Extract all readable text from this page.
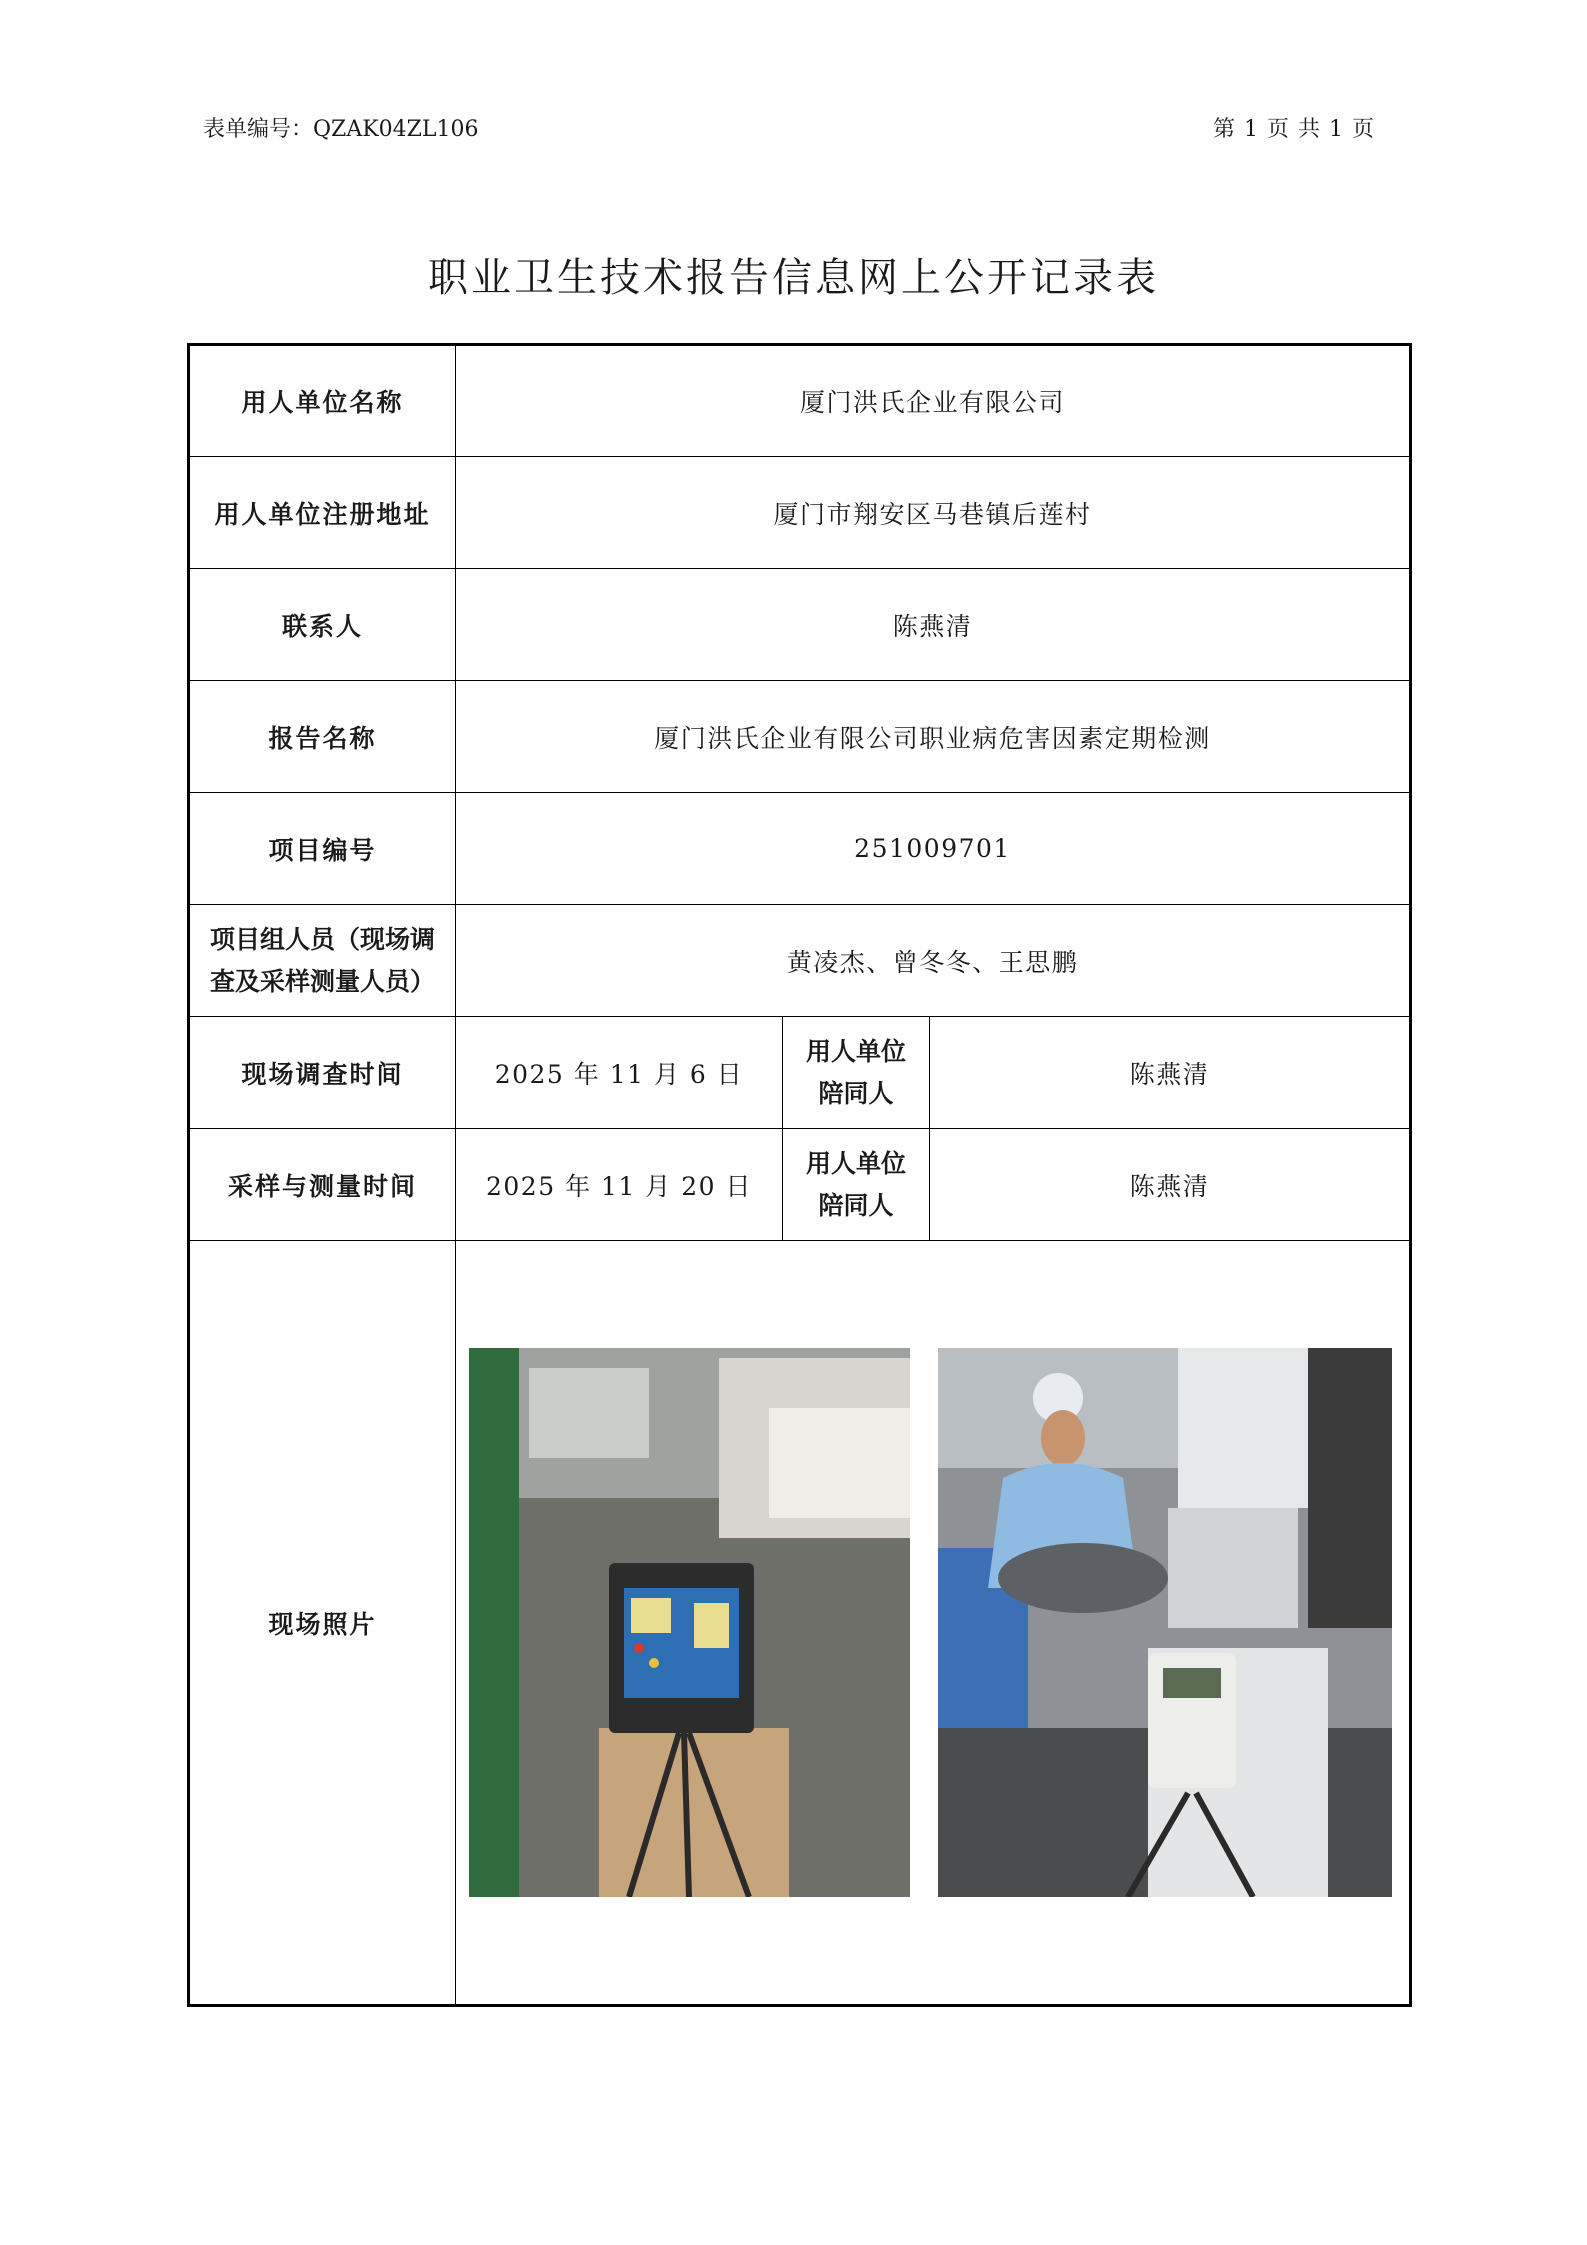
表单编号：QZAK04ZL106	第 1 页 共 1 页
职业卫生技术报告信息网上公开记录表
用人单位名称	厦门洪氏企业有限公司		
用人单位注册地址	厦门市翔安区马巷镇后莲村		
联系人	陈燕清		
报告名称	厦门洪氏企业有限公司职业病危害因素定期检测		
项目编号	251009701		

项目组人员（现场调
查及采样测量人员）	黄凌杰、曾冬冬、王思鹏		
现场调查时间	2025 年 11 月 6 日	用人单位
陪同人	陈燕清
采样与测量时间	2025 年 11 月 20 日	用人单位
陪同人	陈燕清
现场照片			
